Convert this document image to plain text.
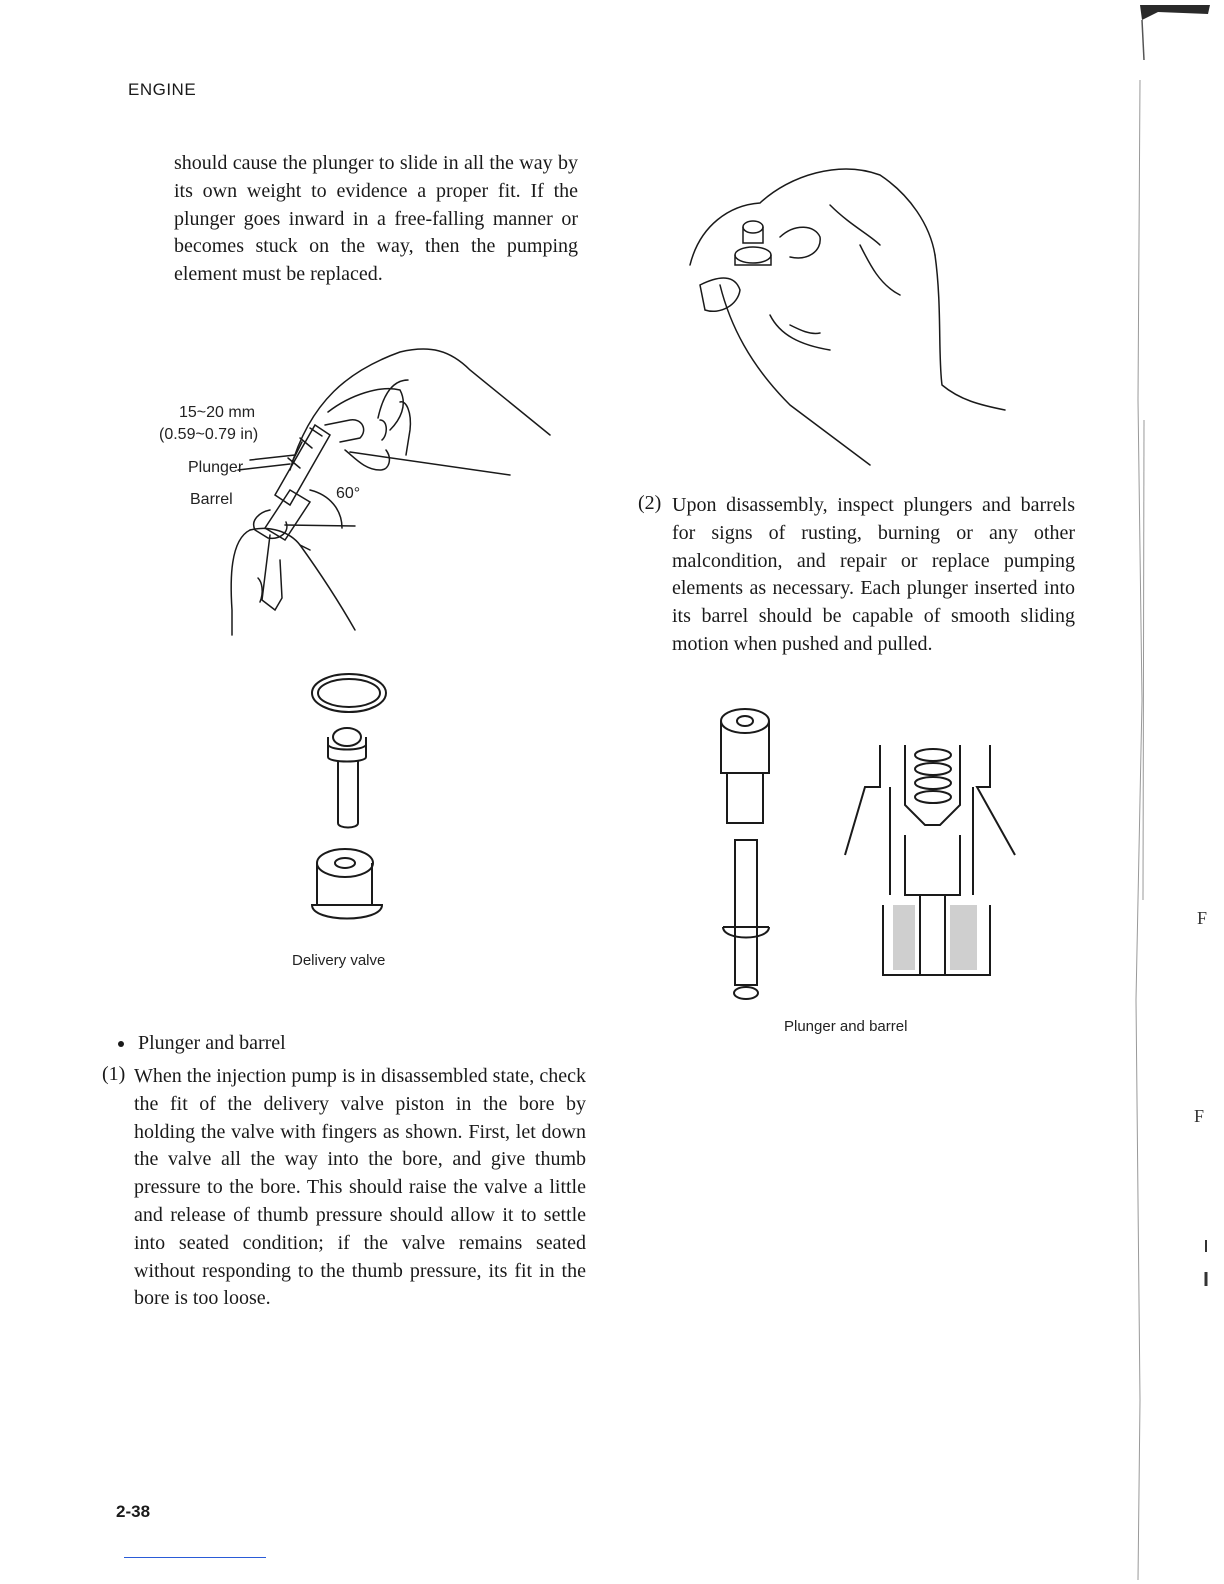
ENGINE
should cause the plunger to slide in all the way by its own weight to evidence a proper fit. If the plunger goes inward in a free-falling manner or becomes stuck on the way, then the pumping element must be replaced.
15~20 mm
(0.59~0.79 in)
Plunger
Barrel	60°
Delivery valve
Plunger and barrel
(1) When the injection pump is in disassembled state, check the fit of the delivery valve piston in the bore by holding the valve with fingers as shown. First, let down the valve all the way into the bore, and give thumb pressure to the bore. This should raise the valve a little and release of thumb pressure should allow it to settle into seated condition; if the valve remains seated without responding to the thumb pressure, its fit in the bore is too loose.
(2) Upon disassembly, inspect plungers and barrels for signs of rusting, burning or any other malcondition, and repair or replace pumping elements as necessary. Each plunger inserted into its barrel should be capable of smooth sliding motion when pushed and pulled.
Plunger and barrel
F
F
2-38
